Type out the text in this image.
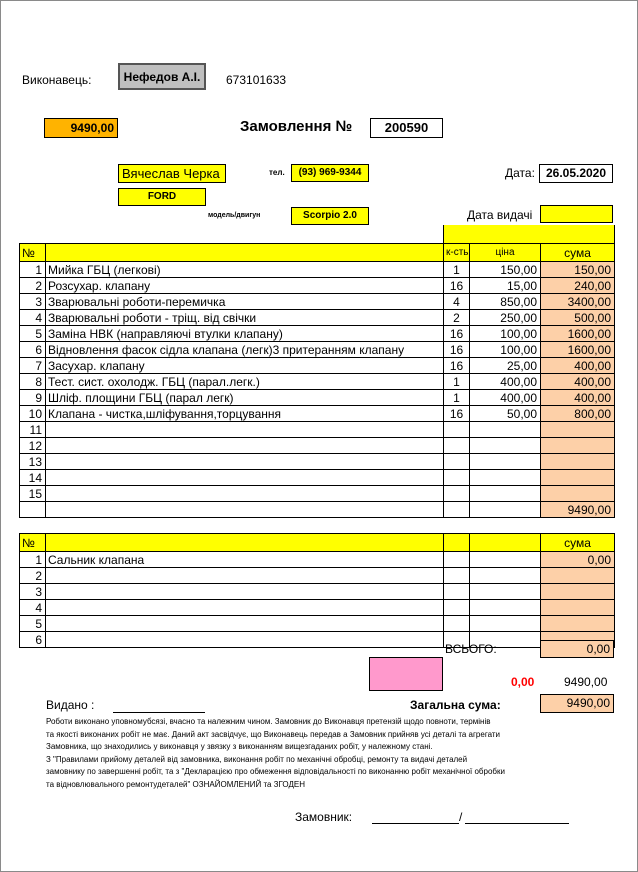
Виконавець:	Нефедов А.І.	673101633
9490,00	Замовлення №	200590
Вячеслав Черка	тел.	(93) 969-9344	Дата: 26.05.2020
FORD
модель/двигун	Scorpio 2.0	Дата видачі
№		к-сть	ціна	сума
1	Мийка ГБЦ (легкові)	1	150,00	150,00
2	Розсухар. клапану	16	15,00	240,00
3	Зварювальні роботи-перемичка	4	850,00	3400,00
4	Зварювальні роботи - тріщ. від свічки	2	250,00	500,00
5	Заміна НВК (направляючі втулки клапану)	16	100,00	1600,00
6	Відновлення фасок сідла клапана (легк)3 притеранням клапану	16	100,00	1600,00
7	Засухар. клапану	16	25,00	400,00
8	Тест. сист. охолодж. ГБЦ (парал.легк.)	1	400,00	400,00
9	Шліф. площини ГБЦ (парал легк)	1	400,00	400,00
10	Клапана - чистка,шліфування,торцування	16	50,00	800,00
11				
12				
13				
14				
15				
				9490,00
№				сума
1	Сальник клапана			0,00
2				
3				
4				
5				
6				
ВСЬОГО:	0,00
0,00 9490,00
Видано :	Загальна сума:	9490,00
Роботи виконано уповномубсязі, вчасно та належним чином. Замовник до Виконавця претензій щодо повноти, термінів
та якості виконаних робіт не має. Даний акт засвідчує, що Виконавець передав а Замовник прийняв усі деталі та агрегати
Замовника, що знаходились у виконавця у звязку з виконанням вищезгаданих робіт, у належному стані.
З "Правилами прийому деталей від замовника, виконання робіт по механічні обробці, ремонту та видачі деталей
замовнику по завершенні робіт, та з "Декларацією про обмеження відповідальності по виконанню робіт механічної обробки
та відновлювального ремонтудеталей" ОЗНАЙОМЛЕНИЙ та ЗГОДЕН
Замовник:	/
